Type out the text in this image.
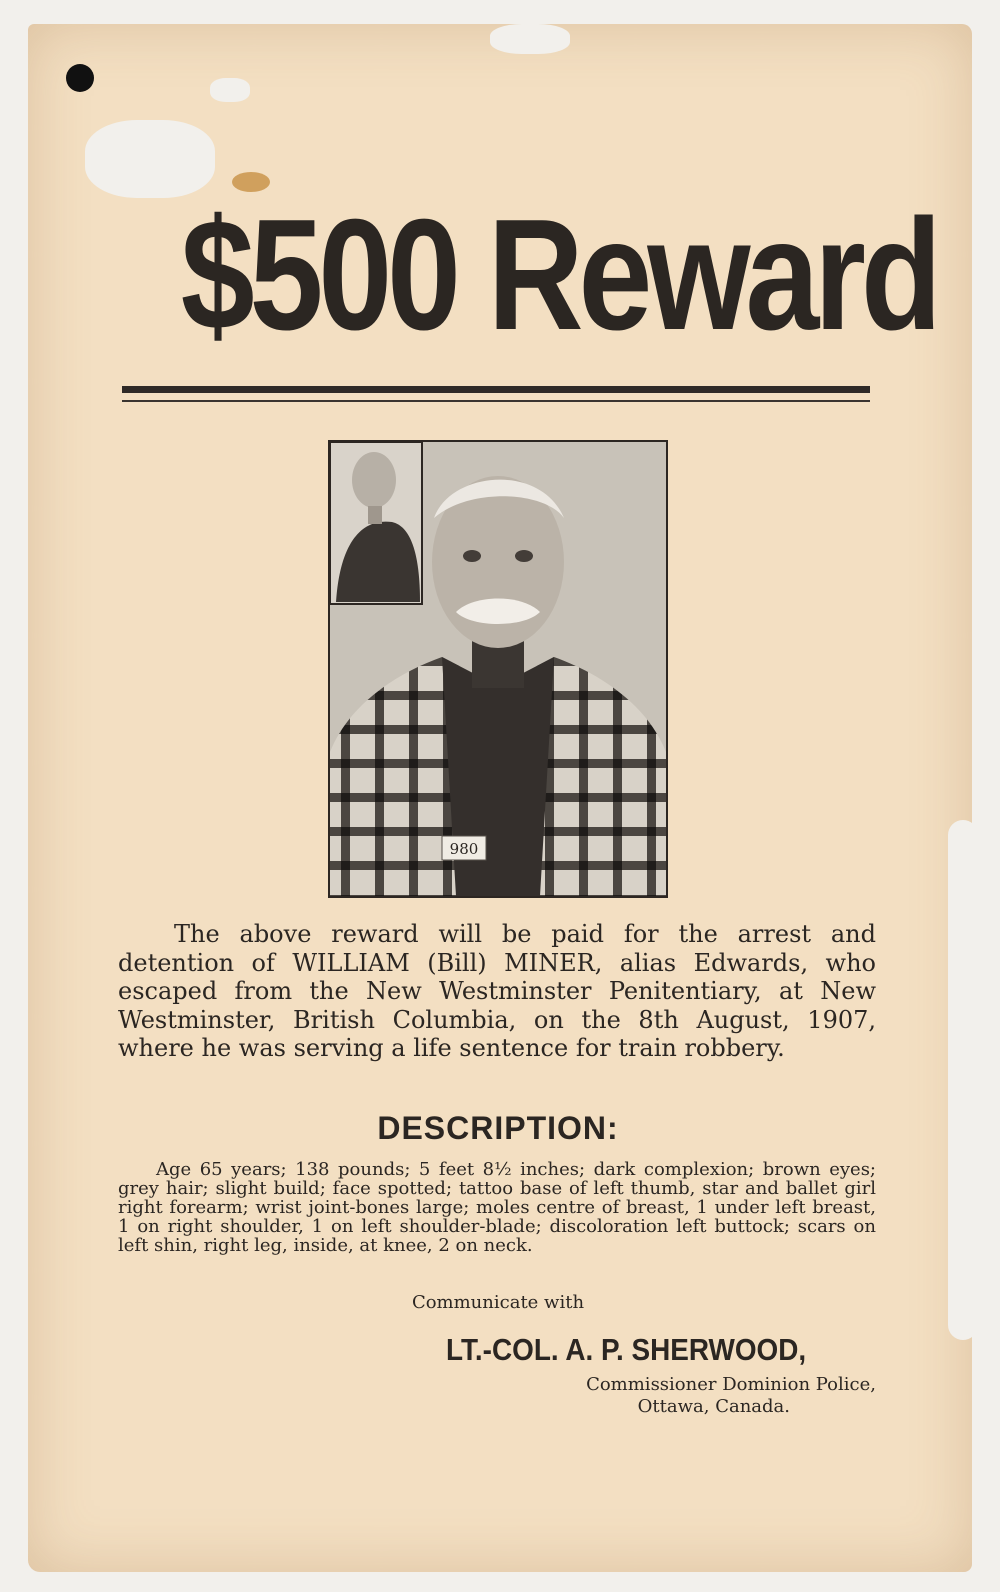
$500 Reward
980

The above reward will be paid for the arrest and detention of WILLIAM (Bill) MINER, alias Edwards, who escaped from the New Westminster Penitentiary, at New Westminster, British Columbia, on the 8th August, 1907, where he was serving a life sentence for train robbery.

DESCRIPTION:

Age 65 years; 138 pounds; 5 feet 8½ inches; dark complexion; brown eyes; grey hair; slight build; face spotted; tattoo base of left thumb, star and ballet girl right forearm; wrist joint-bones large; moles centre of breast, 1 under left breast, 1 on right shoulder, 1 on left shoulder-blade; discoloration left buttock; scars on left shin, right leg, inside, at knee, 2 on neck.

Communicate with

LT.-COL. A. P. SHERWOOD,

Commissioner Dominion Police,

Ottawa, Canada.
